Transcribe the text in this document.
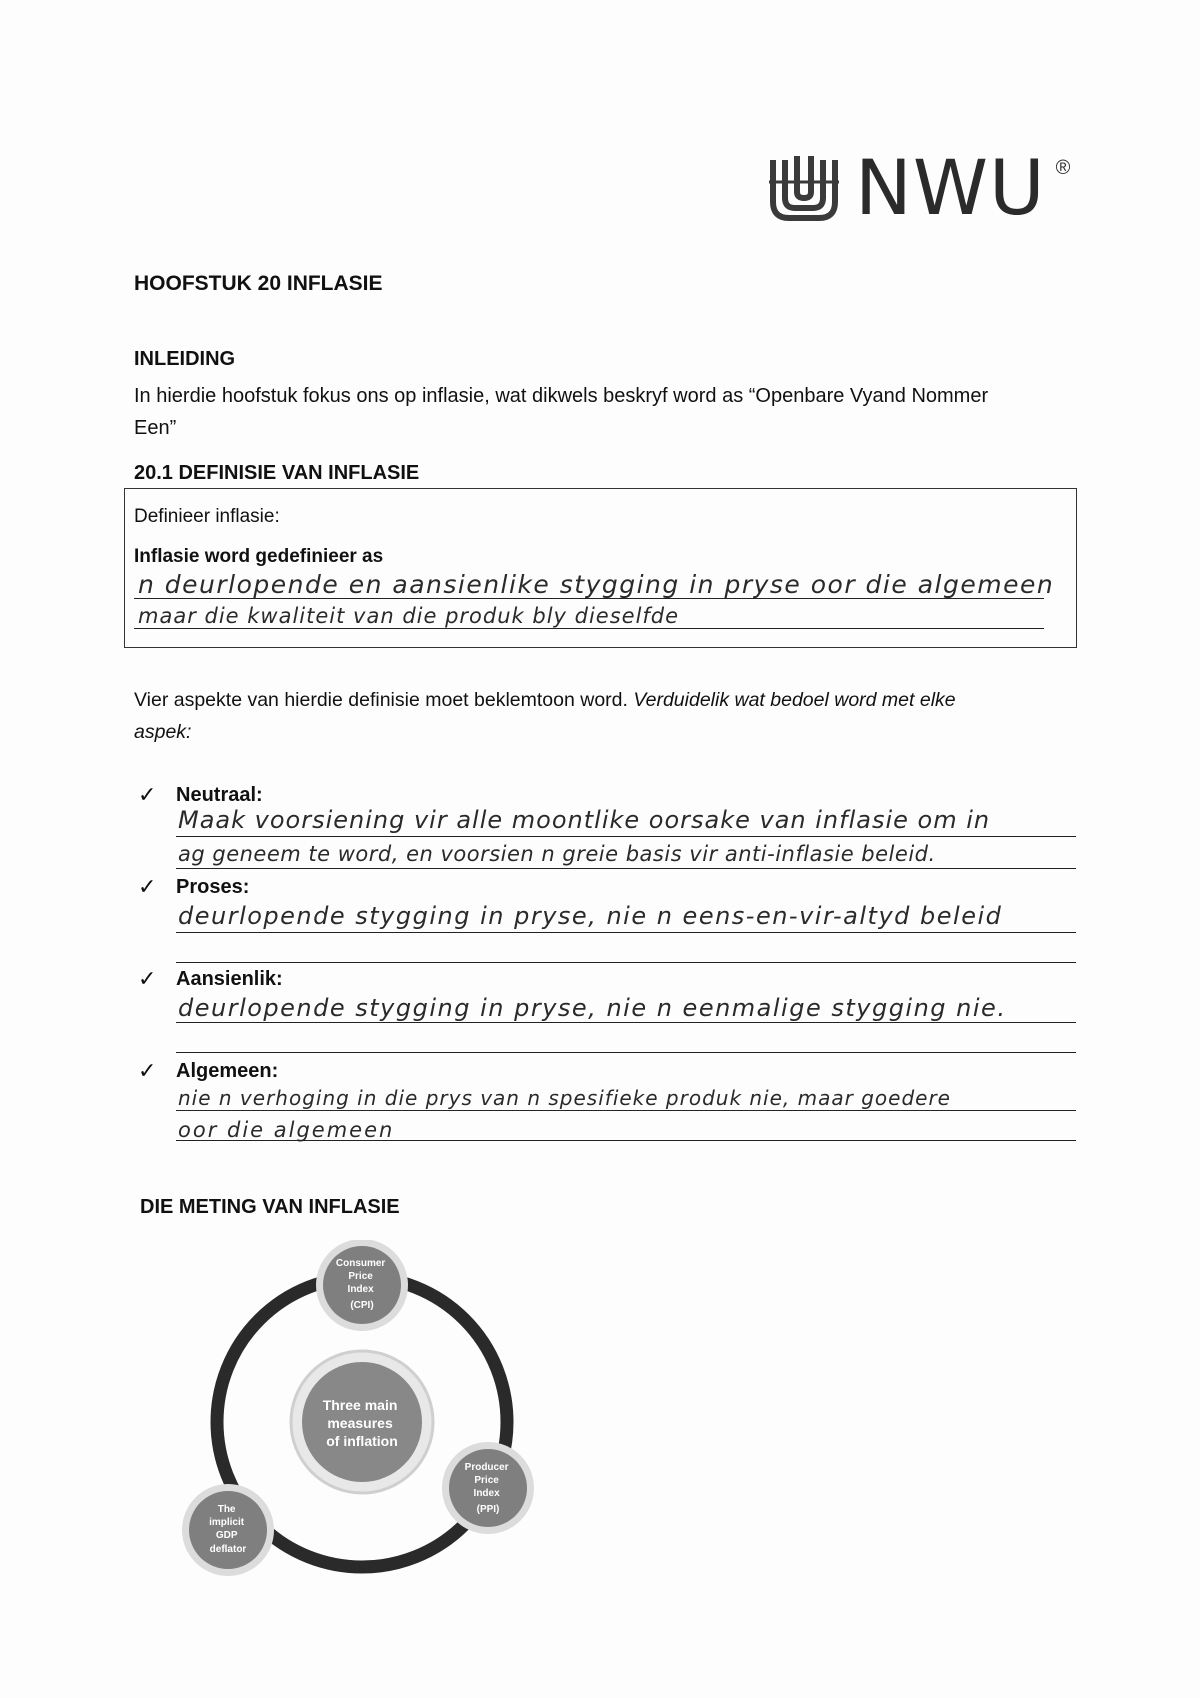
NWU ®
HOOFSTUK 20 INFLASIE
INLEIDING
In hierdie hoofstuk fokus ons op inflasie, wat dikwels beskryf word as “Openbare Vyand Nommer
Een”
20.1 DEFINISIE VAN INFLASIE
Definieer inflasie:
Inflasie word gedefinieer as
n deurlopende en aansienlike stygging in pryse oor die algemeen
maar die kwaliteit van die produk bly dieselfde
Vier aspekte van hierdie definisie moet beklemtoon word. Verduidelik wat bedoel word met elke
aspek:
✓ Neutraal:
Maak voorsiening vir alle moontlike oorsake van inflasie om in
ag geneem te word, en voorsien n greie basis vir anti-inflasie beleid.
✓ Proses:
deurlopende stygging in pryse, nie n eens-en-vir-altyd beleid
✓ Aansienlik:
deurlopende stygging in pryse, nie n eenmalige stygging nie.
✓ Algemeen:
nie n verhoging in die prys van n spesifieke produk nie, maar goedere
oor die algemeen
DIE METING VAN INFLASIE
Three main measures of inflation
Consumer Price Index (CPI)
Producer Price Index (PPI)
The implicit GDP deflator
